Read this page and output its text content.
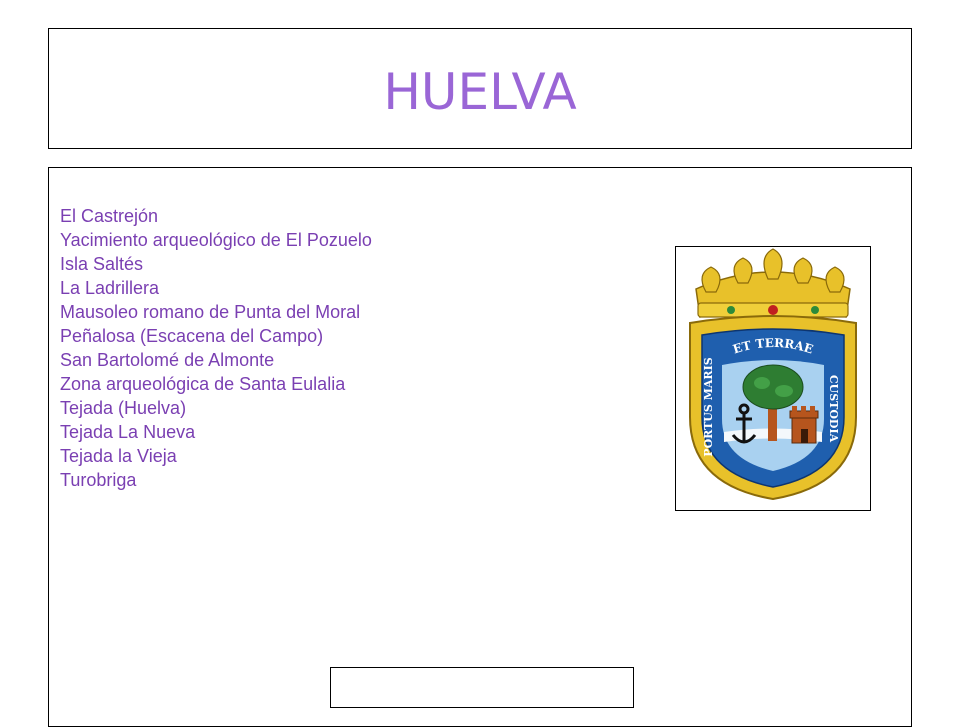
HUELVA
El Castrejón
Yacimiento arqueológico de El Pozuelo
Isla Saltés
La Ladrillera
Mausoleo romano de Punta del Moral
Peñalosa (Escacena del Campo)
San Bartolomé de Almonte
Zona arqueológica de Santa Eulalia
Tejada (Huelva)
Tejada La Nueva
Tejada la Vieja
Turobriga
ET TERRAE
PORTUS MARIS
CUSTODIA
